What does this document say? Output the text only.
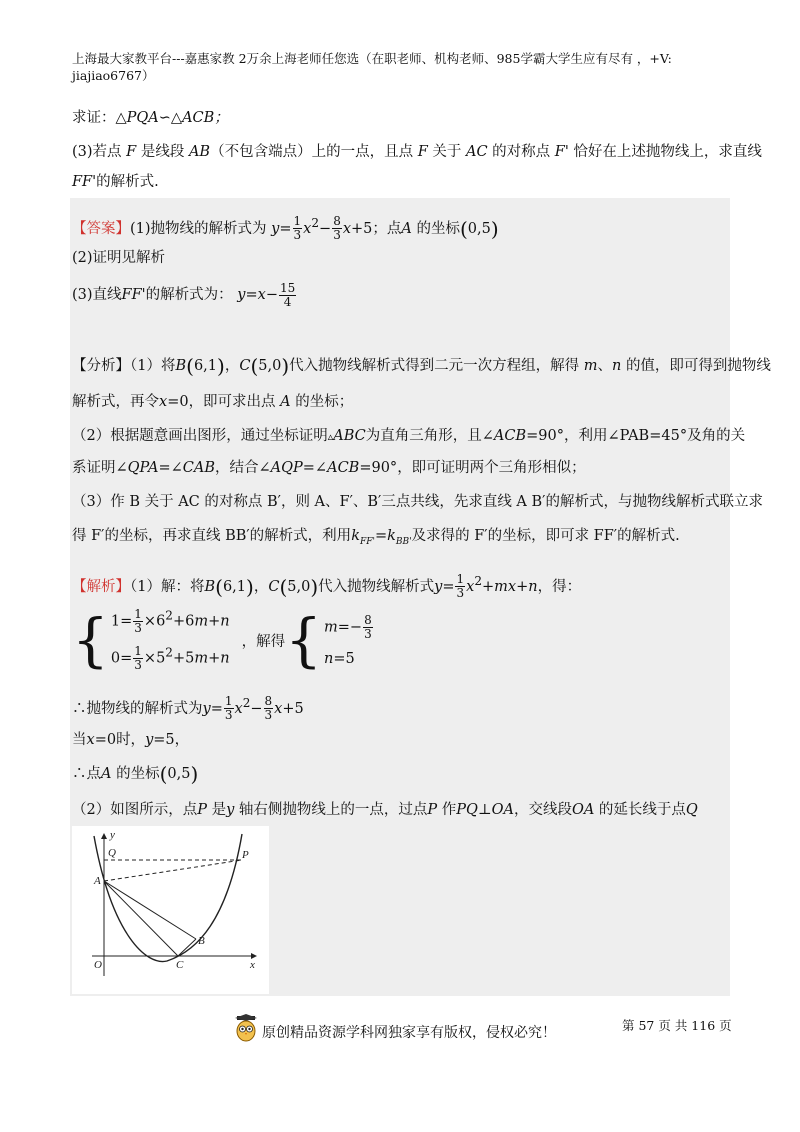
上海最大家教平台---嘉惠家教 2万余上海老师任您选（在职老师、机构老师、985学霸大学生应有尽有 ，+V:
jiajiao6767）
求证：△PQA∽△ACB；
(3)若点 F 是线段 AB（不包含端点）上的一点，且点 F 关于 AC 的对称点 F' 恰好在上述抛物线上，求直线
FF'的解析式.
【答案】(1)抛物线的解析式为 $y= \frac{1}{3} x^2- \frac{8}{3} x+5$；点A 的坐标(0,5)
(2)证明见解析
(3)直线FF'的解析式为： $y=x- \frac{15}{4}$
【分析】（1）将B(6,1)，C(5,0)代入抛物线解析式得到二元一次方程组，解得 m、n 的值，即可得到抛物线
解析式，再令x=0，即可求出点 A 的坐标；
（2）根据题意画出图形，通过坐标证明▵ABC为直角三角形，且∠ACB=90°，利用∠PAB=45°及角的关
系证明∠QPA=∠CAB，结合∠AQP=∠ACB=90°，即可证明两个三角形相似；
（3）作 B 关于 AC 的对称点 B′，则 A、F′、B′三点共线，先求直线 A B′的解析式，与抛物线解析式联立求
得 F′的坐标，再求直线 BB′的解析式，利用$k_{FF'}=k_{BB'}$及求得的 F′的坐标，即可求 FF′的解析式.
【解析】（1）解：将B(6,1)，C(5,0)代入抛物线解析式$y= \frac{1}{3} x^2+mx+n$，得：
{ $1= \frac{1}{3} \times 6^2+6m+n$
$0= \frac{1}{3} \times 5^2+5m+n$
，解得 { $m=- \frac{8}{3}$
n=5
∴抛物线的解析式为$y= \frac{1}{3} x^2- \frac{8}{3} x+5$
当x=0时，y=5，
∴点A 的坐标(0,5)
（2）如图所示，点P 是y 轴右侧抛物线上的一点，过点P 作PQ⊥OA，交线段OA 的延长线于点Q
y
x
O
Q	P
A
B
C
原创精品资源学科网独家享有版权，侵权必究！	第 57 页 共 116 页
